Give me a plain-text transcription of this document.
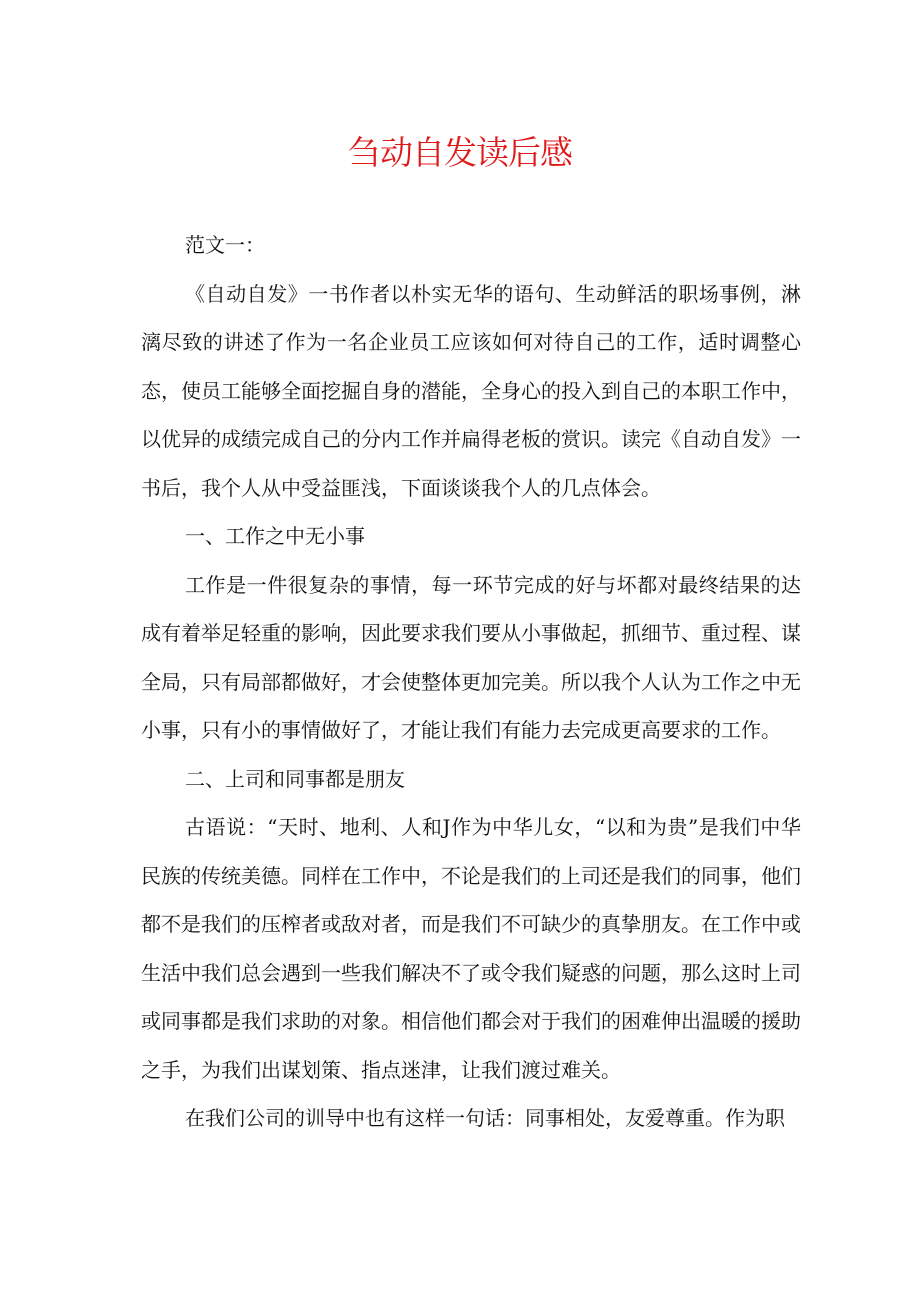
刍动自发读后感

范文一：

《自动自发》一书作者以朴实无华的语句、生动鲜活的职场事例，淋漓尽致的讲述了作为一名企业员工应该如何对待自己的工作，适时调整心态，使员工能够全面挖掘自身的潜能，全身心的投入到自己的本职工作中，以优异的成绩完成自己的分内工作并扁得老板的赏识。读完《自动自发》一书后，我个人从中受益匪浅，下面谈谈我个人的几点体会。

一、工作之中无小事

工作是一件很复杂的事情，每一环节完成的好与坏都对最终结果的达成有着举足轻重的影响，因此要求我们要从小事做起，抓细节、重过程、谋全局，只有局部都做好，才会使整体更加完美。所以我个人认为工作之中无小事，只有小的事情做好了，才能让我们有能力去完成更高要求的工作。

二、上司和同事都是朋友

古语说：“天时、地利、人和J作为中华儿女，“以和为贵”是我们中华民族的传统美德。同样在工作中，不论是我们的上司还是我们的同事，他们都不是我们的压榨者或敌对者，而是我们不可缺少的真挚朋友。在工作中或生活中我们总会遇到一些我们解决不了或令我们疑惑的问题，那么这时上司或同事都是我们求助的对象。相信他们都会对于我们的困难伸出温暖的援助之手，为我们出谋划策、指点迷津，让我们渡过难关。

在我们公司的训导中也有这样一句话：同事相处，友爱尊重。作为职
